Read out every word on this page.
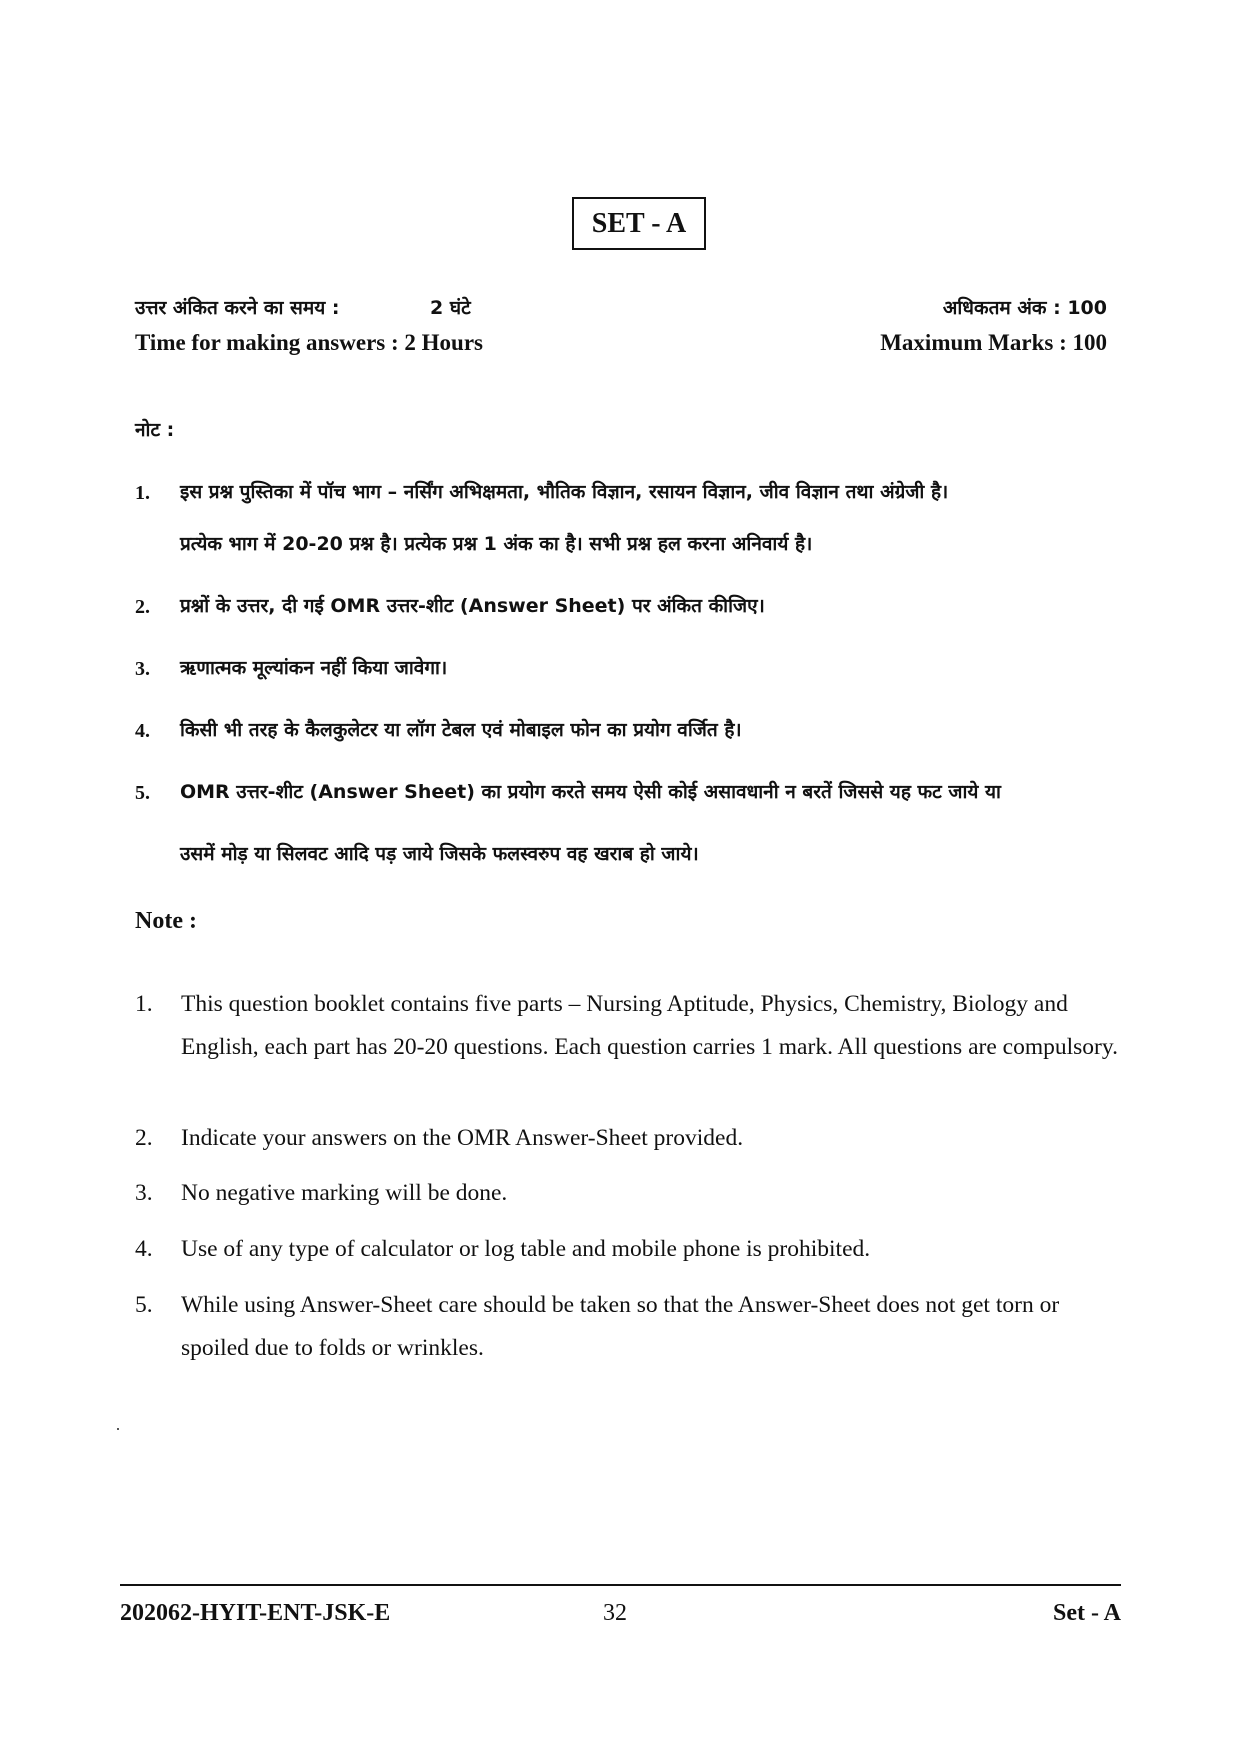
SET - A
उत्तर अंकित करने का समय :	2 घंटे	अधिकतम अंक : 100
Time for making answers : 2 Hours	Maximum Marks : 100
नोट :
1. इस प्रश्न पुस्तिका में पॉच भाग – नर्सिंग अभिक्षमता, भौतिक विज्ञान, रसायन विज्ञान, जीव विज्ञान तथा अंग्रेजी है।
प्रत्येक भाग में 20-20 प्रश्न है। प्रत्येक प्रश्न 1 अंक का है। सभी प्रश्न हल करना अनिवार्य है।
2. प्रश्नों के उत्तर, दी गई OMR उत्तर-शीट (Answer Sheet) पर अंकित कीजिए।
3. ऋणात्मक मूल्यांकन नहीं किया जावेगा।
4. किसी भी तरह के कैलकुलेटर या लॉग टेबल एवं मोबाइल फोन का प्रयोग वर्जित है।
5. OMR उत्तर-शीट (Answer Sheet) का प्रयोग करते समय ऐसी कोई असावधानी न बरतें जिससे यह फट जाये या
उसमें मोड़ या सिलवट आदि पड़ जाये जिसके फलस्वरुप वह खराब हो जाये।
Note :
1. This question booklet contains five parts – Nursing Aptitude, Physics, Chemistry, Biology and English, each part has 20-20 questions. Each question carries 1 mark. All questions are compulsory.
2. Indicate your answers on the OMR Answer-Sheet provided.
3. No negative marking will be done.
4. Use of any type of calculator or log table and mobile phone is prohibited.
5. While using Answer-Sheet care should be taken so that the Answer-Sheet does not get torn or spoiled due to folds or wrinkles.
202062-HYIT-ENT-JSK-E	32	Set - A
